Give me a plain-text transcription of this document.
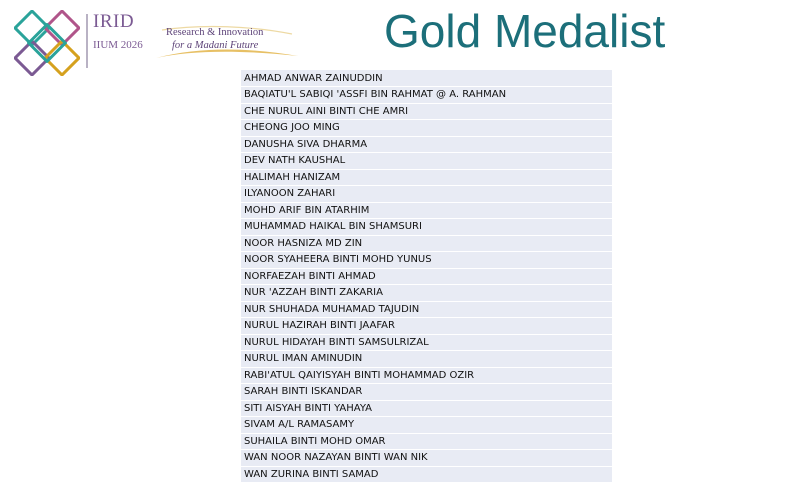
IRID
IIUM 2026
Research & Innovation
for a Madani Future	Gold Medalist
AHMAD ANWAR ZAINUDDIN
BAQIATU'L SABIQI 'ASSFI BIN RAHMAT @ A. RAHMAN
CHE NURUL AINI BINTI CHE AMRI
CHEONG JOO MING
DANUSHA SIVA DHARMA
DEV NATH KAUSHAL
HALIMAH HANIZAM
ILYANOON ZAHARI
MOHD ARIF BIN ATARHIM
MUHAMMAD HAIKAL BIN SHAMSURI
NOOR HASNIZA MD ZIN
NOOR SYAHEERA BINTI MOHD YUNUS
NORFAEZAH BINTI AHMAD
NUR 'AZZAH BINTI ZAKARIA
NUR SHUHADA MUHAMAD TAJUDIN
NURUL HAZIRAH BINTI JAAFAR
NURUL HIDAYAH BINTI SAMSULRIZAL
NURUL IMAN AMINUDIN
RABI'ATUL QAIYISYAH BINTI MOHAMMAD OZIR
SARAH BINTI ISKANDAR
SITI AISYAH BINTI YAHAYA
SIVAM A/L RAMASAMY
SUHAILA BINTI MOHD OMAR
WAN NOOR NAZAYAN BINTI WAN NIK
WAN ZURINA BINTI SAMAD
